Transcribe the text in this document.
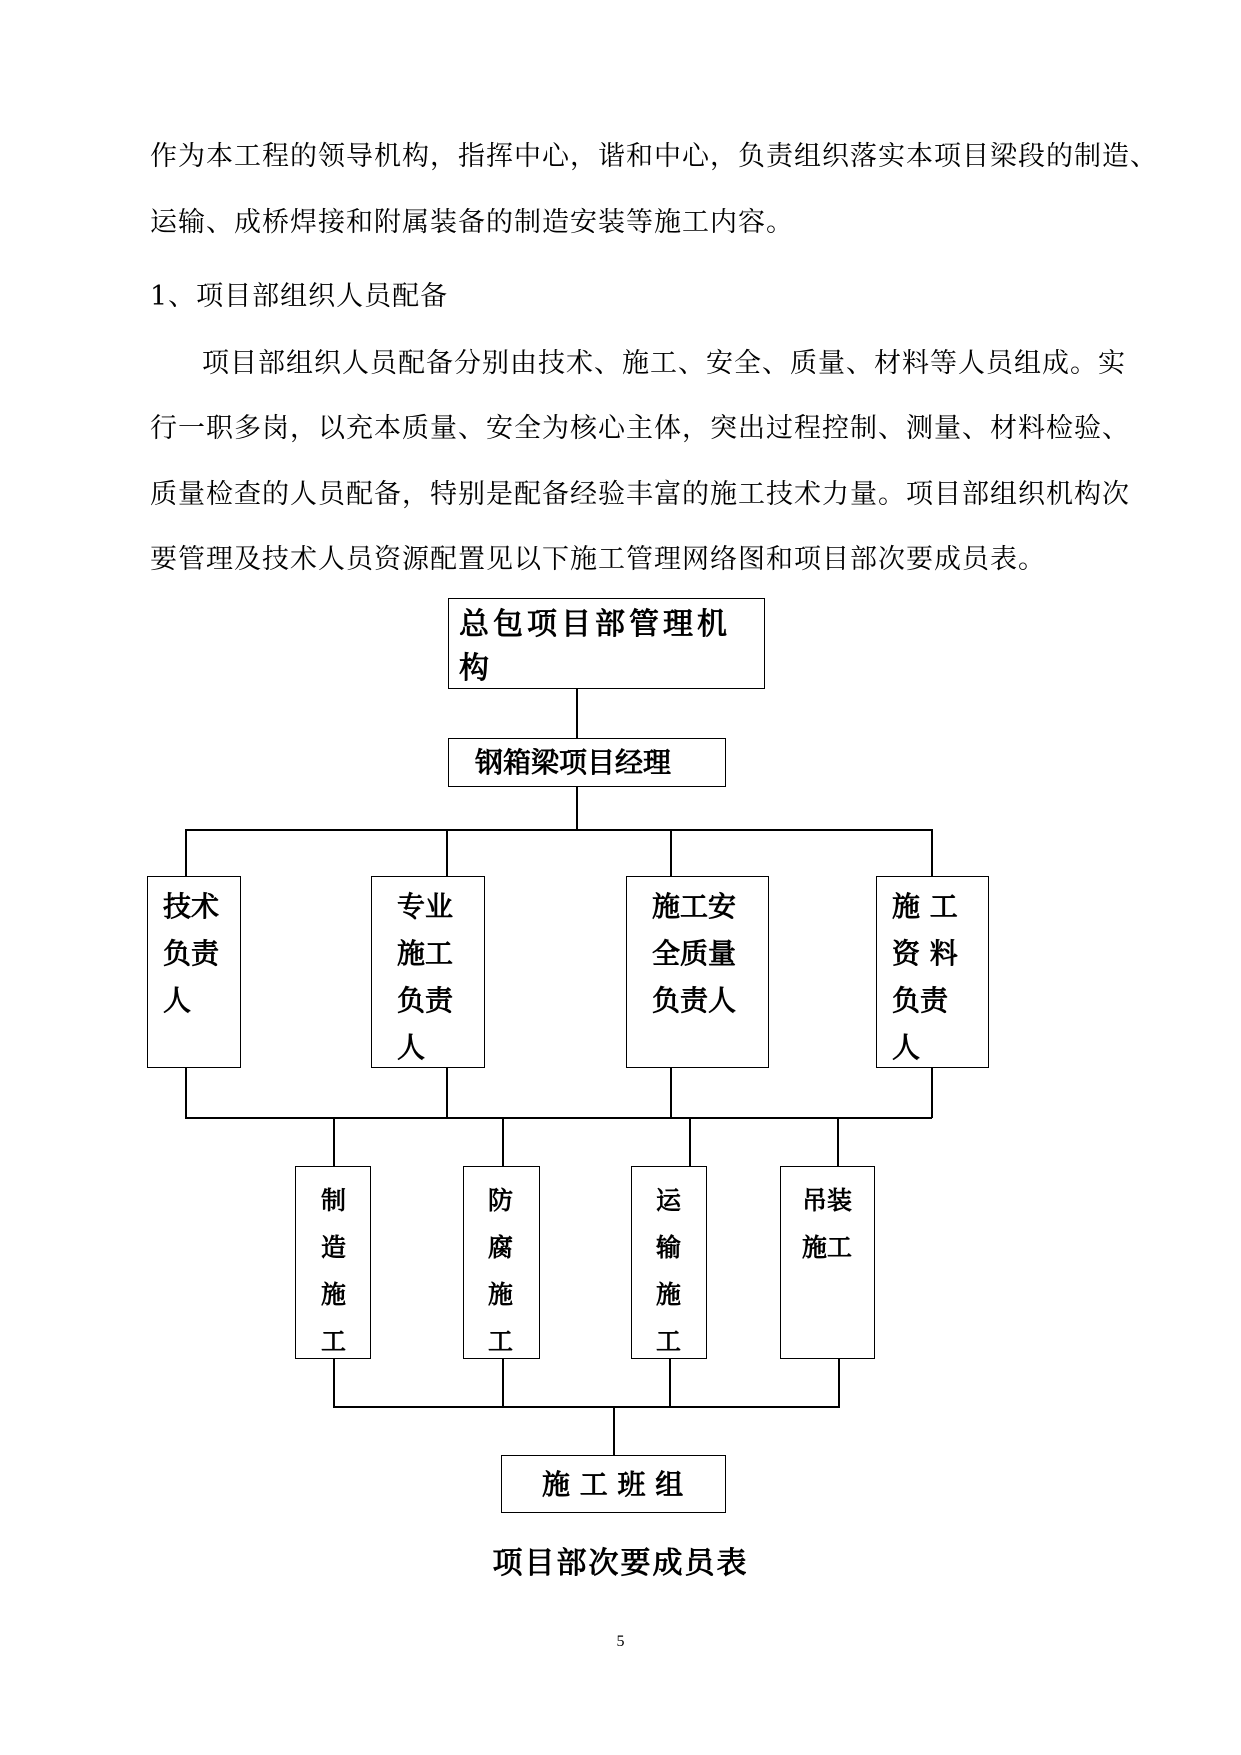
作为本工程的领导机构，指挥中心，谐和中心，负责组织落实本项目梁段的制造、
运输、成桥焊接和附属装备的制造安装等施工内容。
1、项目部组织人员配备
项目部组织人员配备分别由技术、施工、安全、质量、材料等人员组成。实
行一职多岗，以充本质量、安全为核心主体，突出过程控制、测量、材料检验、
质量检查的人员配备，特别是配备经验丰富的施工技术力量。项目部组织机构次
要管理及技术人员资源配置见以下施工管理网络图和项目部次要成员表。
总包项目部管理机
构
钢箱梁项目经理
技术
负责
人
专业
施工
负责
人
施工安
全质量
负责人
施 工
资 料
负责
人
制
造
施
工
防
腐
施
工
运
输
施
工
吊装
施工
施 工 班 组
项目部次要成员表
5
